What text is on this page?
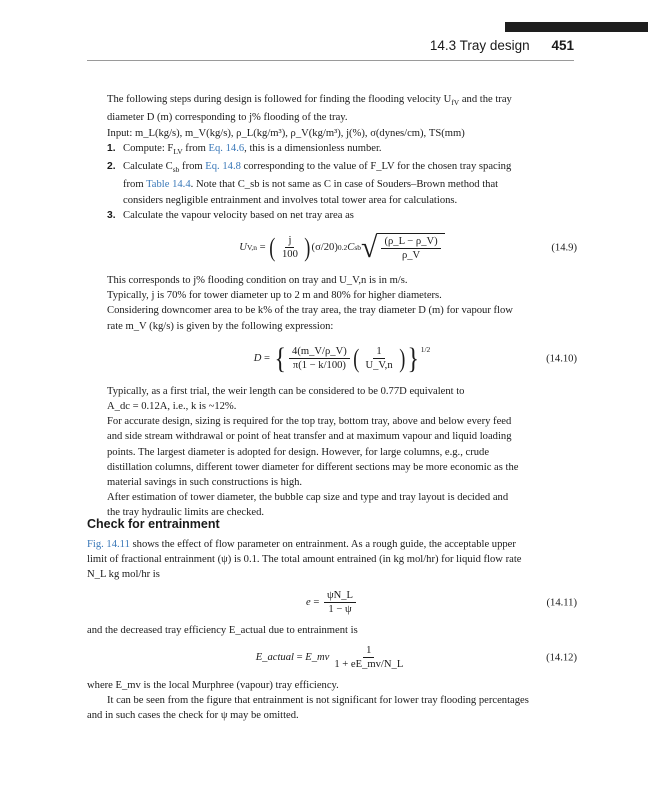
14.3 Tray design 451

The following steps during design is followed for finding the flooding velocity $U_{fV}$ and the tray

diameter D (m) corresponding to j% flooding of the tray.

Input: m_L(kg/s), m_V(kg/s), ρ_L(kg/m³), ρ_V(kg/m³), j(%), σ(dynes/cm), TS(mm)

1. Compute: $F_{LV}$ from Eq. 14.6, this is a dimensionless number.
2. Calculate $C_{sb}$ from Eq. 14.8 corresponding to the value of F_LV for the chosen tray spacing

from Table 14.4. Note that C_sb is not same as C in case of Souders–Brown method that

considers negligible entrainment and involves total tower area for calculations.

3. Calculate the vapour velocity based on net tray area as
U V,n = ( $\frac{j}{100}$ ) (σ/20) 0.2 C sb √ $\frac{(\rho\_L - \rho\_V)}{\rho\_V}$	(14.9)

This corresponds to j% flooding condition on tray and U_V,n is in m/s.

Typically, j is 70% for tower diameter up to 2 m and 80% for higher diameters.

Considering downcomer area to be k% of the tray area, the tray diameter D (m) for vapour flow

rate m_V (kg/s) is given by the following expression:

D = { $\frac{4(m\_V/\rho\_V)}{\pi(1 - k/100)}$ ( $\frac{1}{U\_V,n}$ ) }$^{1/2}$
(14.10)

Typically, as a first trial, the weir length can be considered to be 0.77D equivalent to

A_dc = 0.12A, i.e., k is ~12%.

For accurate design, sizing is required for the top tray, bottom tray, above and below every feed

and side stream withdrawal or point of heat transfer and at maximum vapour and liquid loading

points. The largest diameter is adopted for design. However, for large columns, e.g., crude

distillation columns, different tower diameter for different sections may be more economic as the

material savings in such constructions is high.

After estimation of tower diameter, the bubble cap size and type and tray layout is decided and

the tray hydraulic limits are checked.

Check for entrainment

Fig. 14.11 shows the effect of flow parameter on entrainment. As a rough guide, the acceptable upper

limit of fractional entrainment (ψ) is 0.1. The total amount entrained (in kg mol/hr) for liquid flow rate

N_L kg mol/hr is

$e = \frac{\psi N\_L}{1 - \psi}$	(14.11)

and the decreased tray efficiency E_actual due to entrainment is

E_actual = E_mv $\frac{1}{1 + eE\_mv/N\_L}$	(14.12)

where E_mv is the local Murphree (vapour) tray efficiency.

It can be seen from the figure that entrainment is not significant for lower tray flooding percentages

and in such cases the check for ψ may be omitted.
